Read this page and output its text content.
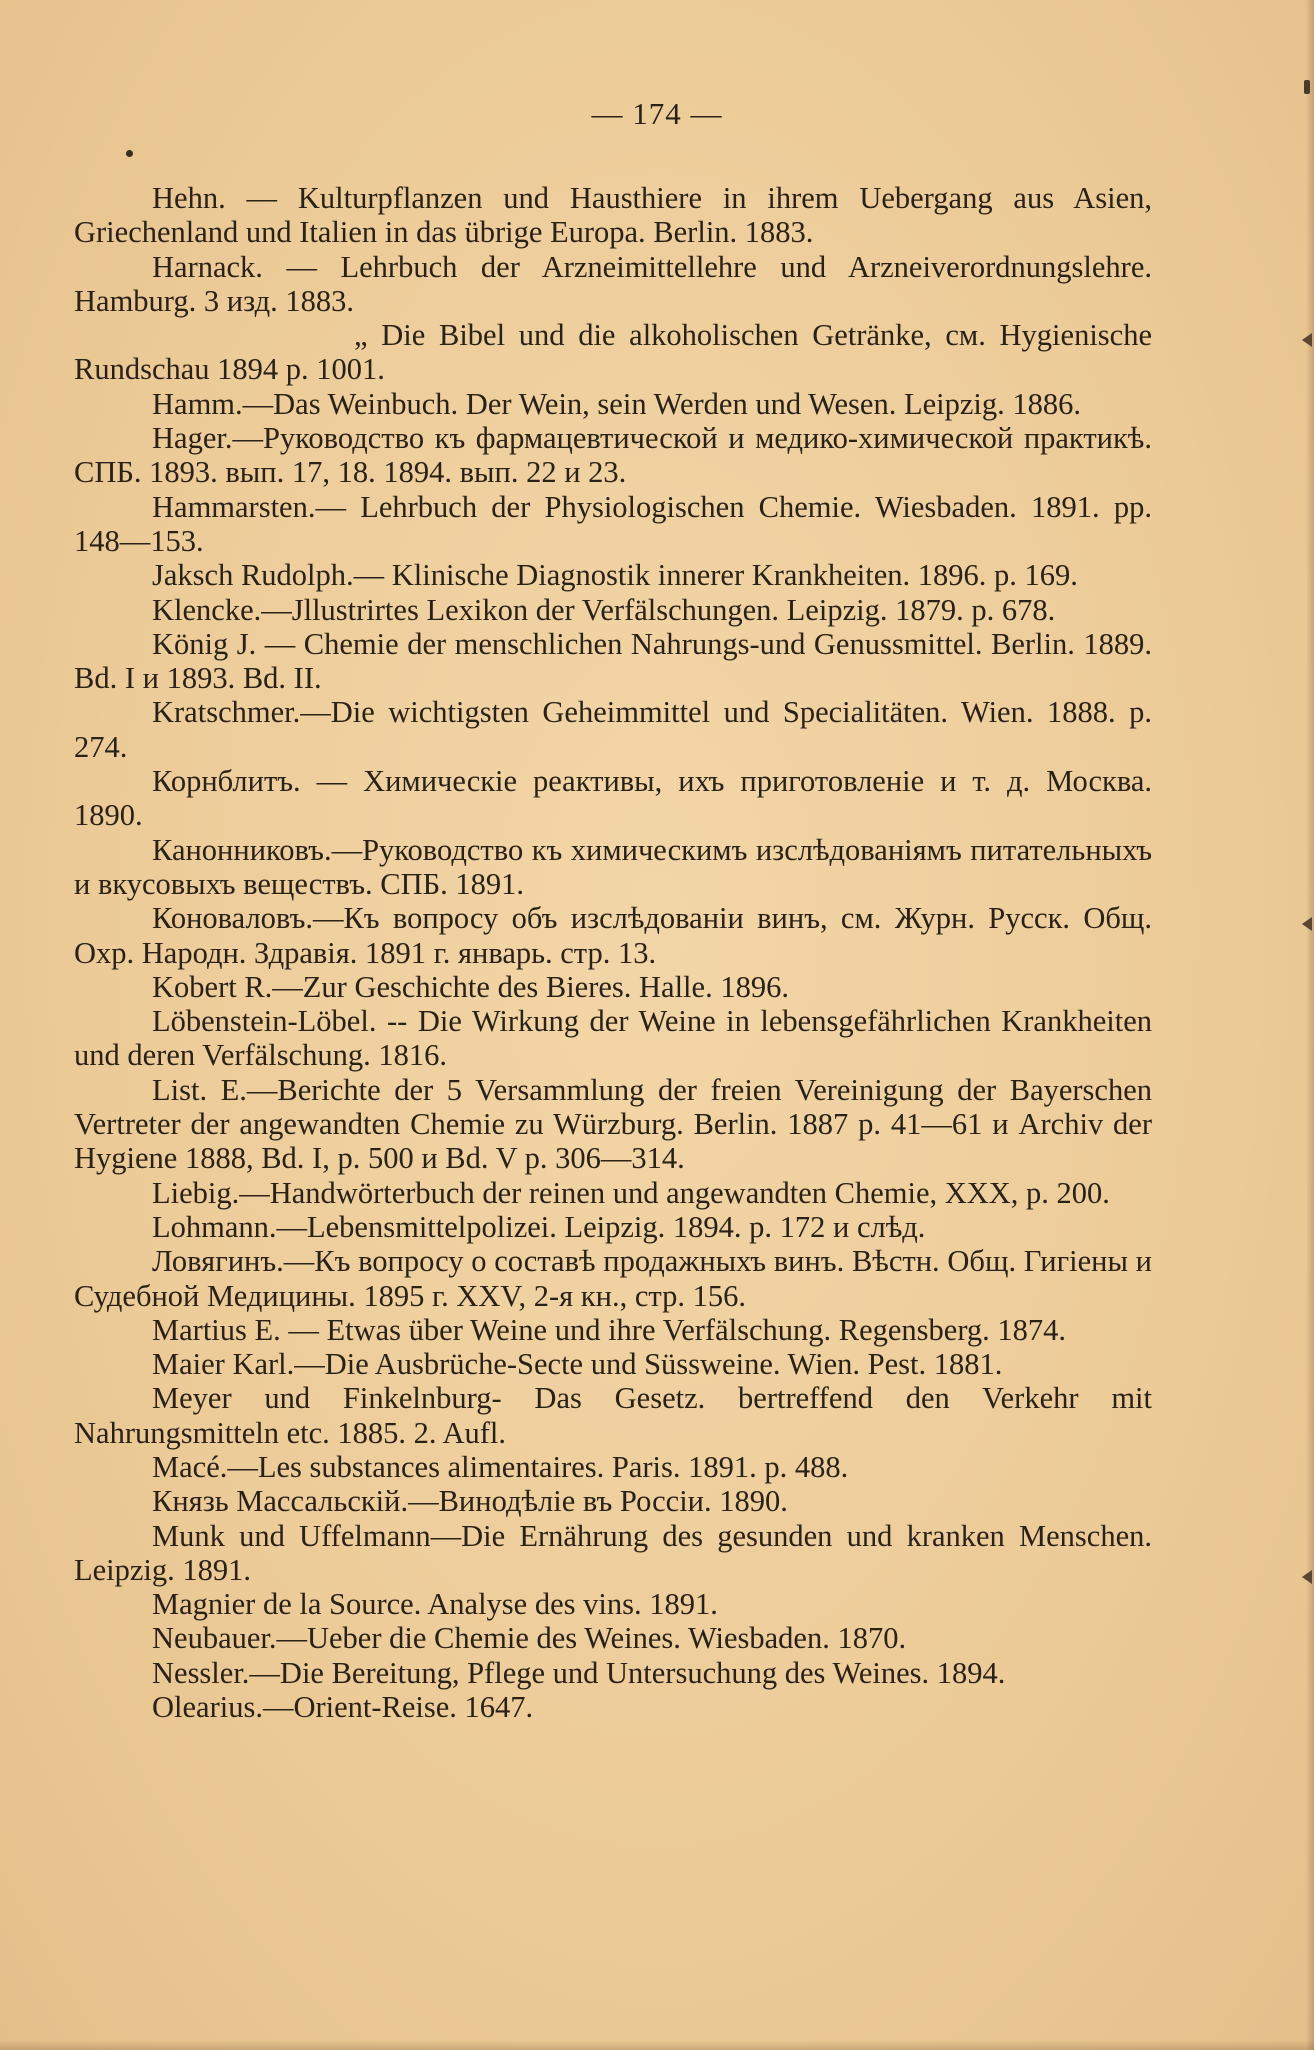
— 174 —

Hehn. — Kulturpflanzen und Hausthiere in ihrem Uebergang aus Asien, Griechenland und Italien in das übrige Europa. Berlin. 1883.

Harnack. — Lehrbuch der Arzneimittellehre und Arzneiverordnungslehre. Hamburg. 3 изд. 1883.

„ Die Bibel und die alkoholischen Getränke, см. Hygienische Rundschau 1894 p. 1001.

Hamm.—Das Weinbuch. Der Wein, sein Werden und Wesen. Leipzig. 1886.

Hager.—Руководство къ фармацевтической и медико-химической практикѣ. СПБ. 1893. вып. 17, 18. 1894. вып. 22 и 23.

Hammarsten.— Lehrbuch der Physiologischen Chemie. Wiesbaden. 1891. pp. 148—153.

Jaksch Rudolph.— Klinische Diagnostik innerer Krankheiten. 1896. p. 169.

Klencke.—Jllustrirtes Lexikon der Verfälschungen. Leipzig. 1879. p. 678.

König J. — Chemie der menschlichen Nahrungs-und Genussmittel. Berlin. 1889. Bd. I и 1893. Bd. II.

Kratschmer.—Die wichtigsten Geheimmittel und Specialitäten. Wien. 1888. p. 274.

Корнблитъ. — Химическіе реактивы, ихъ приготовленіе и т. д. Москва. 1890.

Канонниковъ.—Руководство къ химическимъ изслѣдованіямъ питательныхъ и вкусовыхъ веществъ. СПБ. 1891.

Коноваловъ.—Къ вопросу объ изслѣдованіи винъ, см. Журн. Русск. Общ. Охр. Народн. Здравія. 1891 г. январь. стр. 13.

Kobert R.—Zur Geschichte des Bieres. Halle. 1896.

Löbenstein-Löbel. -- Die Wirkung der Weine in lebensgefährlichen Krankheiten und deren Verfälschung. 1816.

List. E.—Berichte der 5 Versammlung der freien Vereinigung der Bayerschen Vertreter der angewandten Chemie zu Würzburg. Berlin. 1887 p. 41—61 и Archiv der Hygiene 1888, Bd. I, p. 500 и Bd. V p. 306—314.

Liebig.—Handwörterbuch der reinen und angewandten Chemie, XXX, p. 200.

Lohmann.—Lebensmittelpolizei. Leipzig. 1894. p. 172 и слѣд.

Ловягинъ.—Къ вопросу о составѣ продажныхъ винъ. Вѣстн. Общ. Гигіены и Судебной Медицины. 1895 г. XXV, 2-я кн., стр. 156.

Martius E. — Etwas über Weine und ihre Verfälschung. Regensberg. 1874.

Maier Karl.—Die Ausbrüche-Secte und Süssweine. Wien. Pest. 1881.

Meyer und Finkelnburg- Das Gesetz. bertreffend den Verkehr mit Nahrungsmitteln etc. 1885. 2. Aufl.

Macé.—Les substances alimentaires. Paris. 1891. p. 488.

Князь Массальскій.—Винодѣліе въ Россіи. 1890.

Munk und Uffelmann—Die Ernährung des gesunden und kranken Menschen. Leipzig. 1891.

Magnier de la Source. Analyse des vins. 1891.

Neubauer.—Ueber die Chemie des Weines. Wiesbaden. 1870.

Nessler.—Die Bereitung, Pflege und Untersuchung des Weines. 1894.

Olearius.—Orient-Reise. 1647.
